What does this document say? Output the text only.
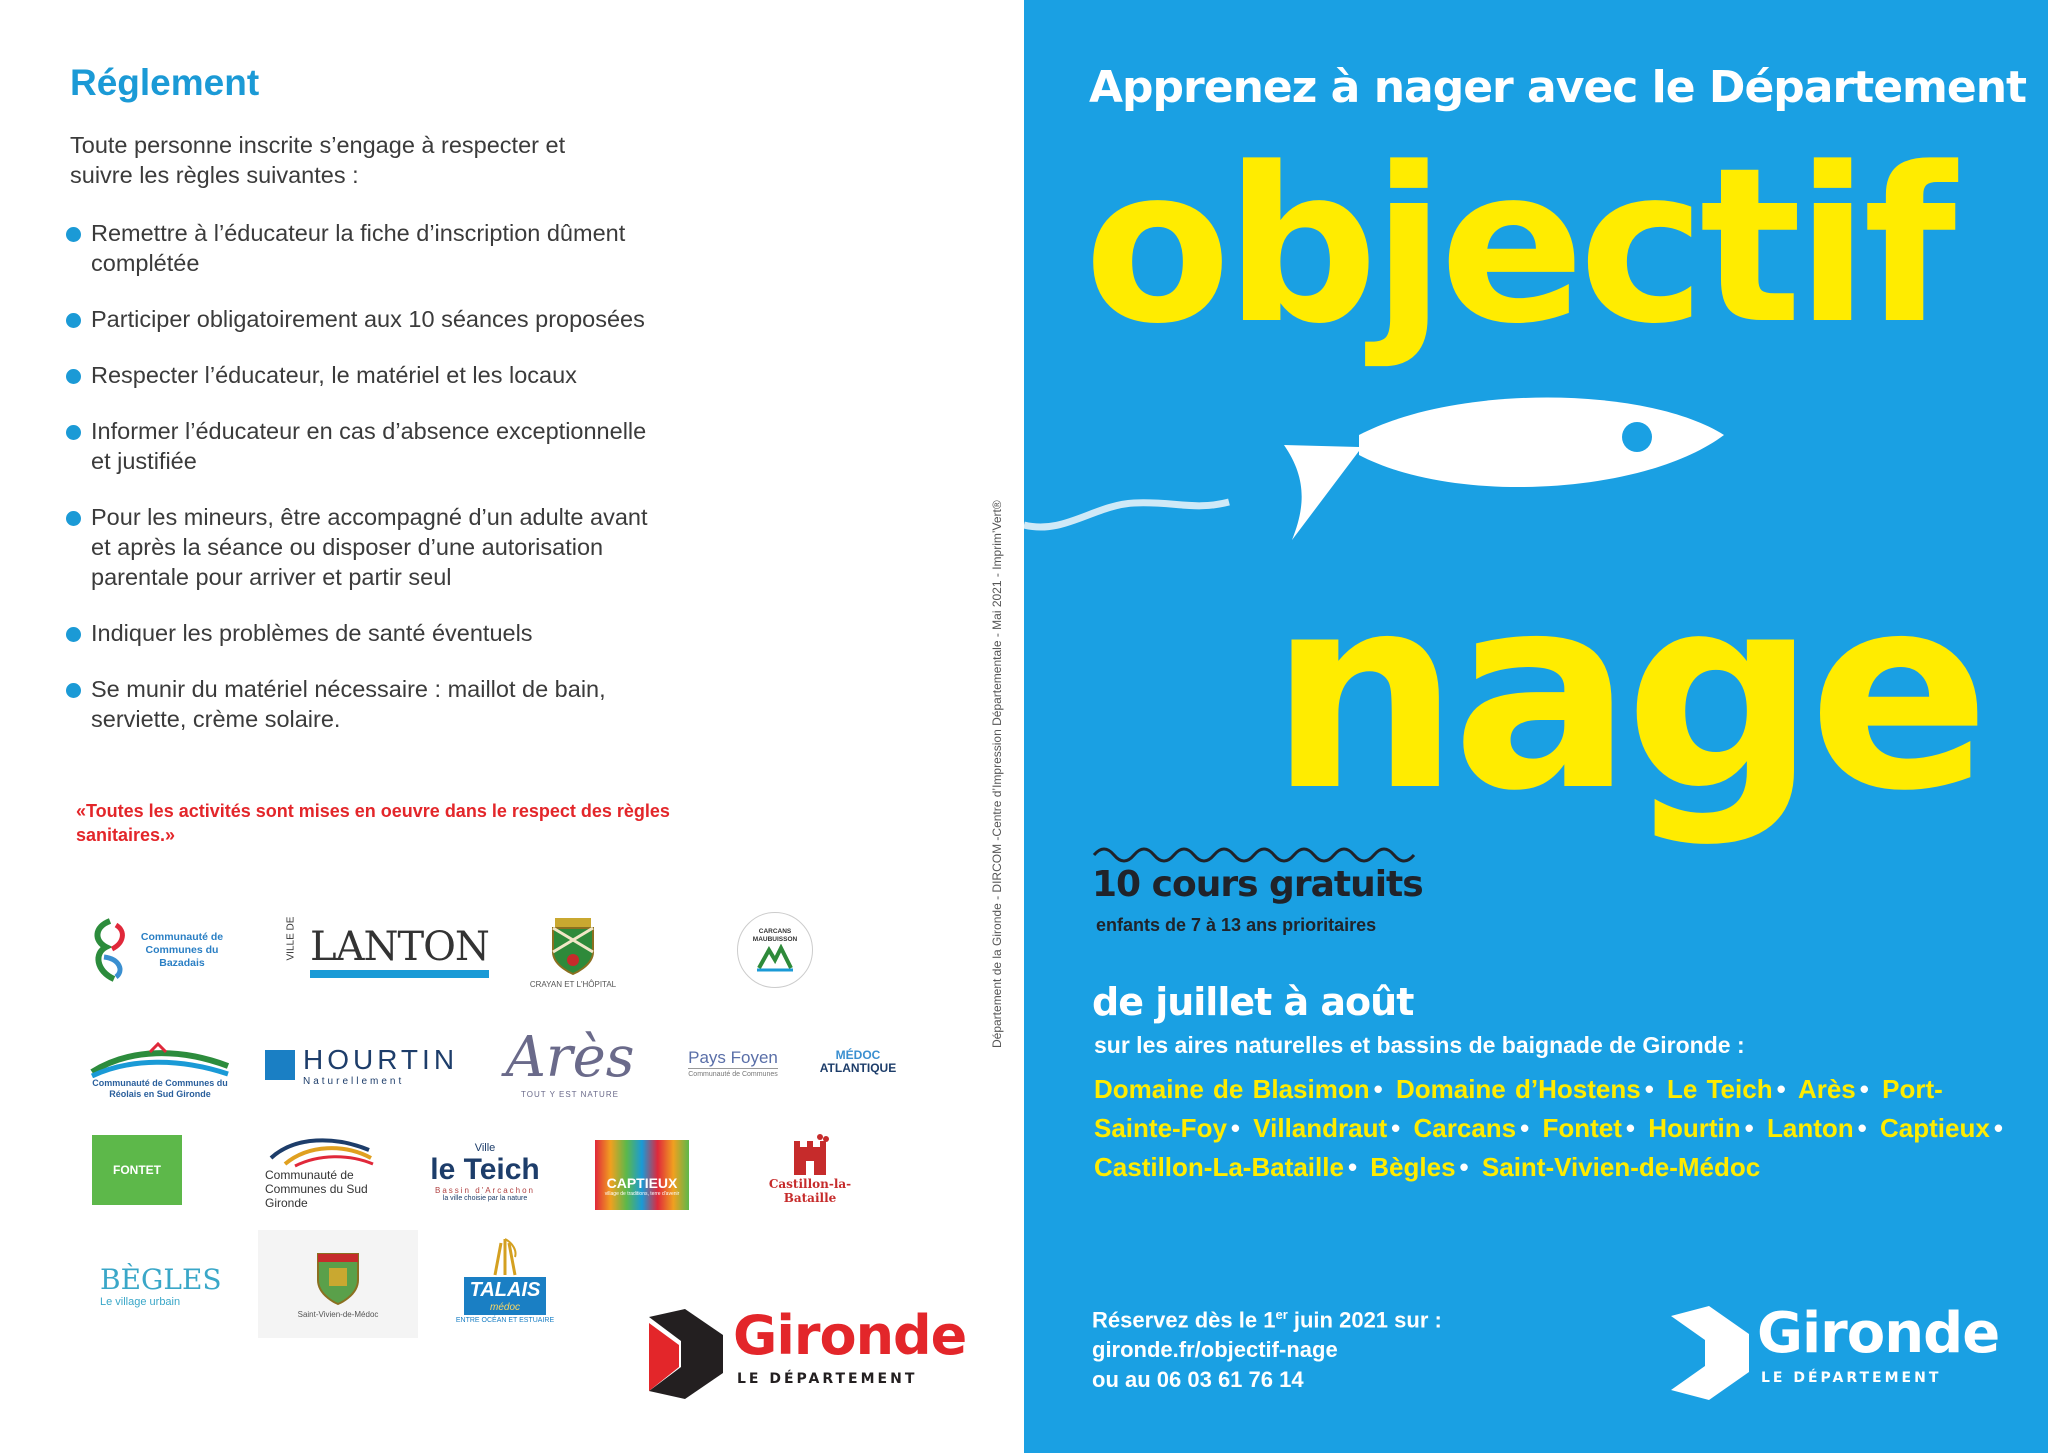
Réglement

Toute personne inscrite s’engage à respecter et suivre les règles suivantes :

Remettre à l’éducateur la fiche d’inscription dûment complétée
Participer obligatoirement aux 10 séances proposées
Respecter l’éducateur, le matériel et les locaux
Informer l’éducateur en cas d’absence exceptionnelle et justifiée
Pour les mineurs, être accompagné d’un adulte avant et après la séance ou disposer d’une autorisation parentale pour arriver et partir seul
Indiquer les problèmes de santé éventuels
Se munir du matériel nécessaire : maillot de bain, serviette, crème solaire.

«Toutes les activités sont mises en oeuvre dans le respect des règles sanitaires.»

Communauté de Communes du Bazadais
VILLE DE LANTON
CRAYAN ET L'HÔPITAL
CARCANS MAUBUISSON
Communauté de Communes du Réolais en Sud Gironde
HOURTIN
Naturellement	Arès
TOUT Y EST NATURE
Pays Foyen
Communauté de Communes
MÉDOC
ATLANTIQUE
FONTET	Communauté de Communes du Sud Gironde
Ville
le Teich
Bassin d'Arcachon
la ville choisie par la nature
CAPTIEUX
village de traditions, terre d'avenir
Castillon-la-Bataille
BÈGLES
Le village urbain
Saint-Vivien-de-Médoc
TALAIS
médoc
ENTRE OCÉAN ET ESTUAIRE	Gironde
LE DÉPARTEMENT
Département de la Gironde - DIRCOM -Centre d’Impression Départementale - Mai 2021 - Imprim’Vert®
Apprenez à nager avec le Département
objectif
nage
10 cours gratuits
enfants de 7 à 13 ans prioritaires
de juillet à août
sur les aires naturelles et bassins de baignade de Gironde :

Domaine de Blasimon • Domaine d’Hostens • Le Teich • Arès • Port-Sainte-Foy • Villandraut • Carcans • Fontet • Hourtin • Lanton • Captieux • Castillon-La-Bataille • Bègles • Saint-Vivien-de-Médoc

Réservez dès le 1er juin 2021 sur :
gironde.fr/objectif-nage
ou au 06 03 61 76 14
Gironde
LE DÉPARTEMENT
